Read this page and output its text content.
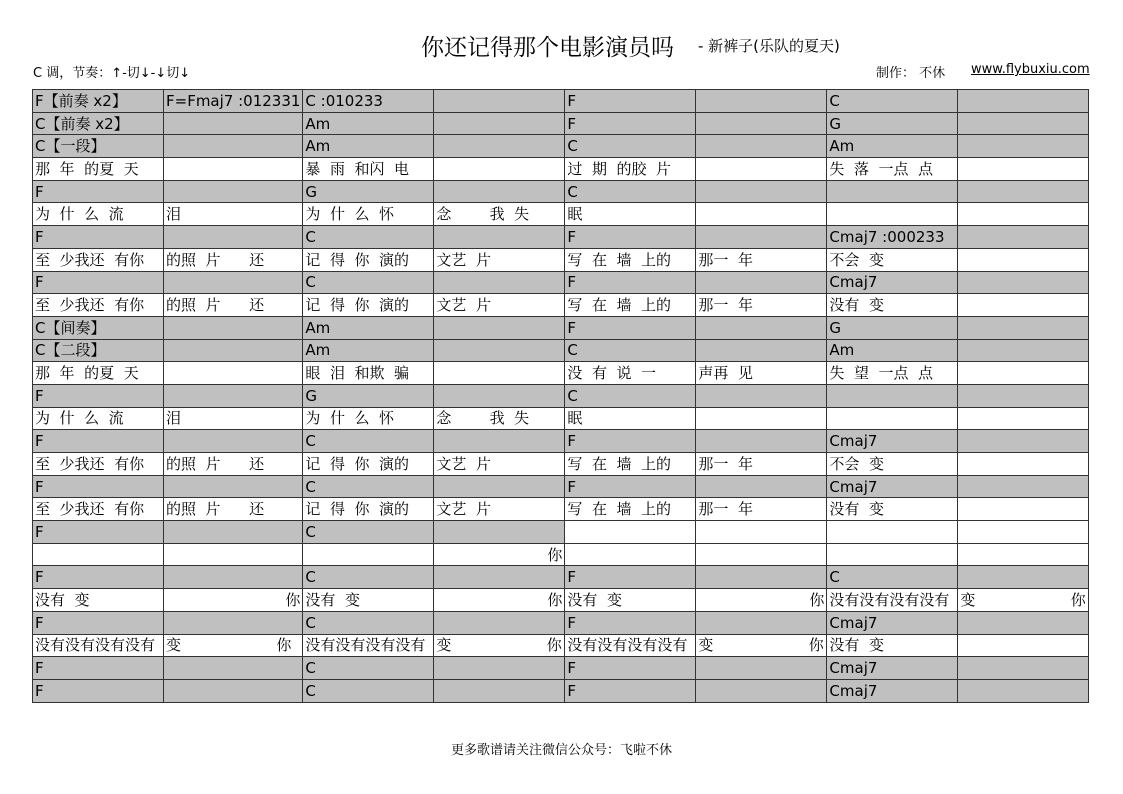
你还记得那个电影演员吗 - 新裤子(乐队的夏天)
C 调，节奏：↑-切↓-↓切↓	制作： 不休 www.flybuxiu.com
F【前奏 x2】	F=Fmaj7 :012331	C :010233		F		C	
C【前奏 x2】		Am		F		G	
C【一段】		Am		C		Am	
那  年  的夏  天		暴  雨  和闪  电		过  期  的胶  片		失  落  一点  点	
F		G		C			
为  什  么  流	泪	为  什  么  怀	念        我  失	眠			
F		C		F		Cmaj7 :000233	
至  少我还  有你	的照  片      还	记  得  你  演的	文艺  片	写  在  墙  上的	那一  年	不会  变	
F		C		F		Cmaj7	
至  少我还  有你	的照  片      还	记  得  你  演的	文艺  片	写  在  墙  上的	那一  年	没有  变	
C【间奏】		Am		F		G	
C【二段】		Am		C		Am	
那  年  的夏  天		眼  泪  和欺  骗		没  有  说  一	声再  见	失  望  一点  点	
F		G		C			
为  什  么  流	泪	为  什  么  怀	念        我  失	眠			
F		C		F		Cmaj7	
至  少我还  有你	的照  片      还	记  得  你  演的	文艺  片	写  在  墙  上的	那一  年	不会  变	
F		C		F		Cmaj7	
至  少我还  有你	的照  片      还	记  得  你  演的	文艺  片	写  在  墙  上的	那一  年	没有  变	
F		C					
			你				
F		C		F		C	
没有  变	你	没有  变	你	没有  变	你	没有没有没有没有	变                    你
F		C		F		Cmaj7	
没有没有没有没有	变                    你	没有没有没有没有	变                    你	没有没有没有没有	变                    你	没有  变	
F		C		F		Cmaj7	
F		C		F		Cmaj7	
更多歌谱请关注微信公众号：飞啦不休
